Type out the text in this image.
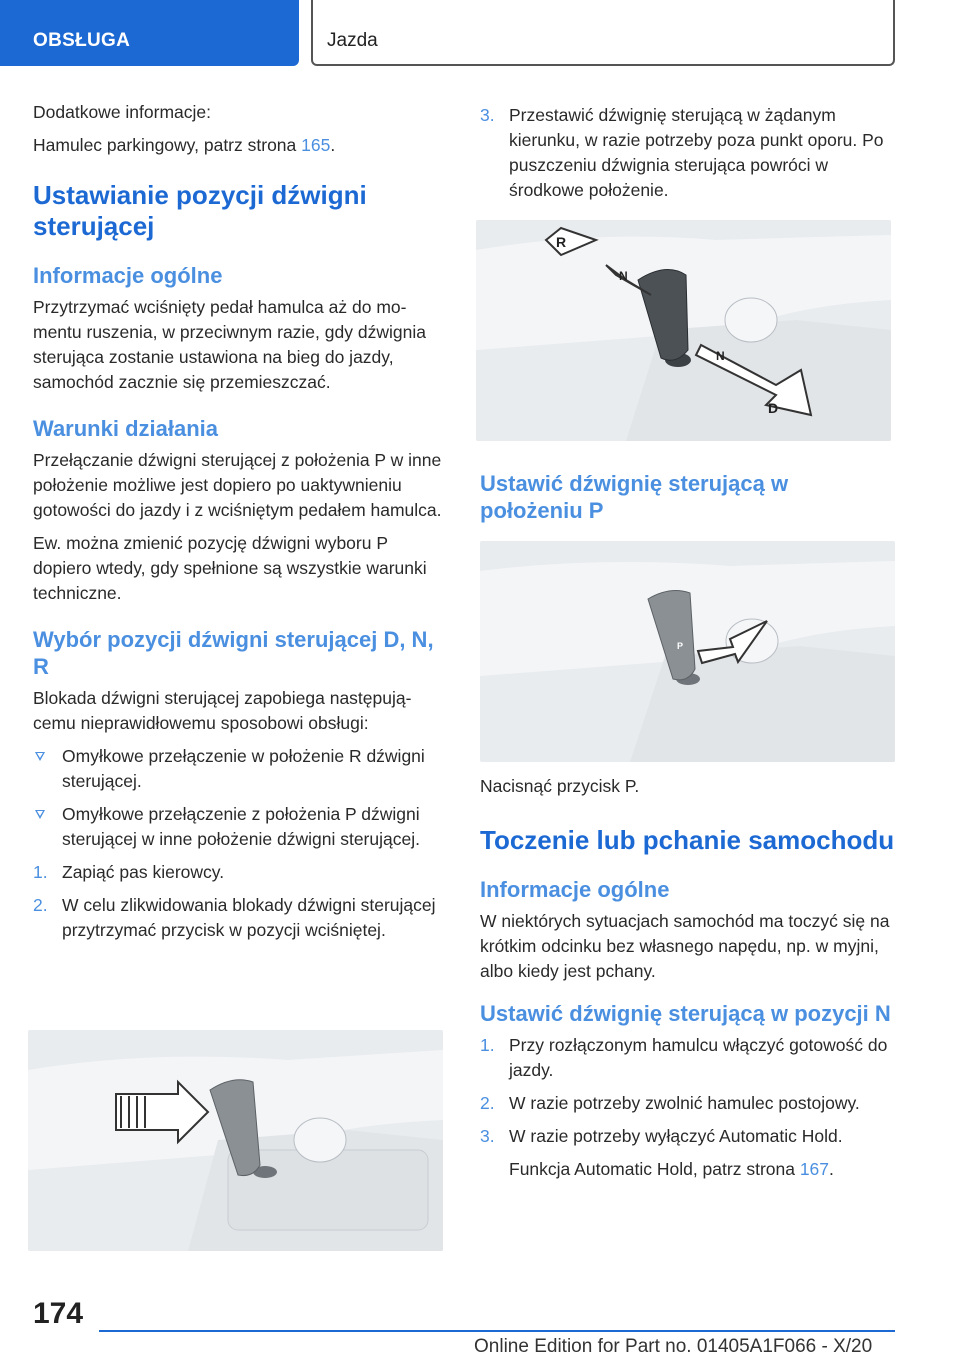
OBSŁUGA	Jazda

Dodatkowe informacje:

Hamulec parkingowy, patrz strona 165.

Ustawianie pozycji dźwigni sterującej
Informacje ogólne

Przytrzymać wciśnięty pedał hamulca aż do momentu ruszenia, w przeciwnym razie, gdy dźwignia sterująca zostanie ustawiona na bieg do jazdy, samochód zacznie się przemieszczać.

Warunki działania

Przełączanie dźwigni sterującej z położenia P w inne położenie możliwe jest dopiero po uaktywnieniu gotowości do jazdy i z wciśniętym pedałem hamulca.

Ew. można zmienić pozycję dźwigni wyboru P dopiero wtedy, gdy spełnione są wszystkie warunki techniczne.

Wybór pozycji dźwigni sterującej D, N, R

Blokada dźwigni sterującej zapobiega następującemu nieprawidłowemu sposobowi obsługi:

Omyłkowe przełączenie w położenie R dźwigni sterującej.
Omyłkowe przełączenie z położenia P dźwigni sterującej w inne położenie dźwigni sterującej.
1. Zapiąć pas kierowcy.
2. W celu zlikwidowania blokady dźwigni sterującej przytrzymać przycisk w pozycji wciśniętej.
3. Przestawić dźwignię sterującą w żądanym kierunku, w razie potrzeby poza punkt oporu. Po puszczeniu dźwignia sterująca powróci w środkowe położenie.
R
N
N
D
Ustawić dźwignię sterującą w położeniu P
P

Nacisnąć przycisk P.

Toczenie lub pchanie samochodu
Informacje ogólne

W niektórych sytuacjach samochód ma toczyć się na krótkim odcinku bez własnego napędu, np. w myjni, albo kiedy jest pchany.

Ustawić dźwignię sterującą w pozycji N
1. Przy rozłączonym hamulcu włączyć gotowość do jazdy.
2. W razie potrzeby zwolnić hamulec postojowy.
3. W razie potrzeby wyłączyć Automatic Hold.

Funkcja Automatic Hold, patrz strona 167.

174
Online Edition for Part no. 01405A1F066 - X/20
